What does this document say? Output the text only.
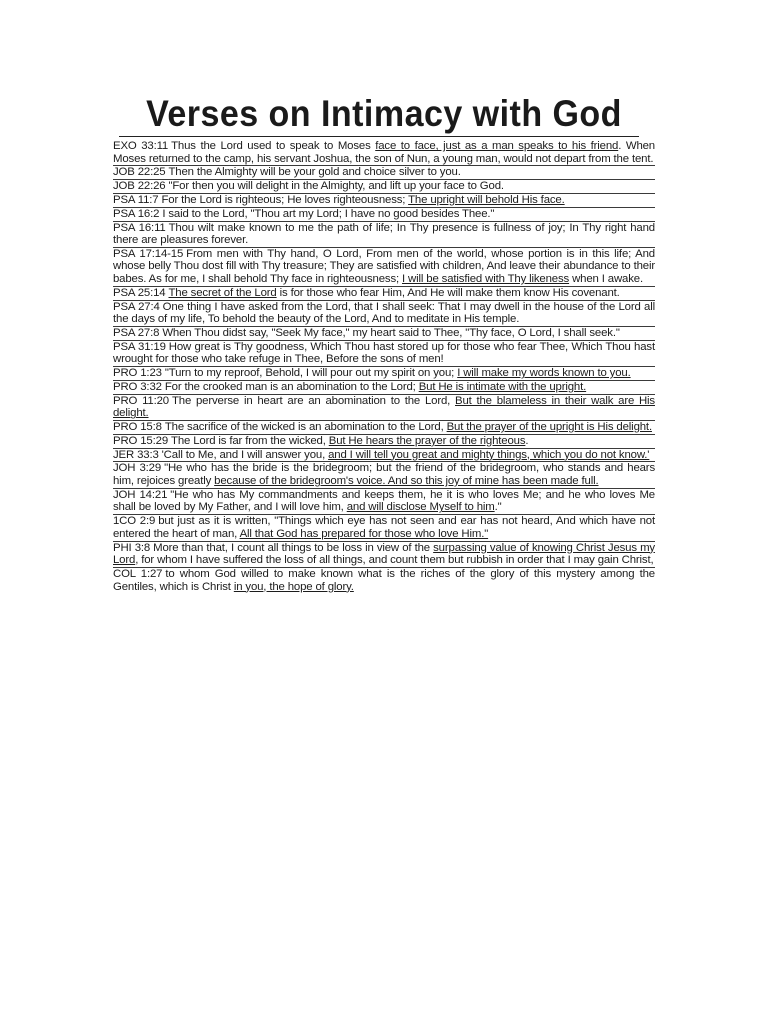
Verses on Intimacy with God

EXO 33:11 Thus the Lord used to speak to Moses face to face, just as a man speaks to his friend. When Moses returned to the camp, his servant Joshua, the son of Nun, a young man, would not depart from the tent.

JOB 22:25 Then the Almighty will be your gold and choice silver to you.

JOB 22:26 "For then you will delight in the Almighty, and lift up your face to God.

PSA 11:7 For the Lord is righteous; He loves righteousness; The upright will behold His face.

PSA 16:2 I said to the Lord, "Thou art my Lord; I have no good besides Thee."

PSA 16:11 Thou wilt make known to me the path of life; In Thy presence is fullness of joy; In Thy right hand there are pleasures forever.

PSA 17:14-15 From men with Thy hand, O Lord, From men of the world, whose portion is in this life; And whose belly Thou dost fill with Thy treasure; They are satisfied with children, And leave their abundance to their babes. As for me, I shall behold Thy face in righteousness; I will be satisfied with Thy likeness when I awake.

PSA 25:14 The secret of the Lord is for those who fear Him, And He will make them know His covenant.

PSA 27:4 One thing I have asked from the Lord, that I shall seek: That I may dwell in the house of the Lord all the days of my life, To behold the beauty of the Lord, And to meditate in His temple.

PSA 27:8 When Thou didst say, "Seek My face," my heart said to Thee, "Thy face, O Lord, I shall seek."

PSA 31:19 How great is Thy goodness, Which Thou hast stored up for those who fear Thee, Which Thou hast wrought for those who take refuge in Thee, Before the sons of men!

PRO 1:23 "Turn to my reproof, Behold, I will pour out my spirit on you; I will make my words known to you.

PRO 3:32 For the crooked man is an abomination to the Lord; But He is intimate with the upright.

PRO 11:20 The perverse in heart are an abomination to the Lord, But the blameless in their walk are His delight.

PRO 15:8 The sacrifice of the wicked is an abomination to the Lord, But the prayer of the upright is His delight.

PRO 15:29 The Lord is far from the wicked, But He hears the prayer of the righteous.

JER 33:3 'Call to Me, and I will answer you, and I will tell you great and mighty things, which you do not know.'

JOH 3:29 "He who has the bride is the bridegroom; but the friend of the bridegroom, who stands and hears him, rejoices greatly because of the bridegroom's voice. And so this joy of mine has been made full.

JOH 14:21 "He who has My commandments and keeps them, he it is who loves Me; and he who loves Me shall be loved by My Father, and I will love him, and will disclose Myself to him."

1CO 2:9 but just as it is written, "Things which eye has not seen and ear has not heard, And which have not entered the heart of man, All that God has prepared for those who love Him."

PHI 3:8 More than that, I count all things to be loss in view of the surpassing value of knowing Christ Jesus my Lord, for whom I have suffered the loss of all things, and count them but rubbish in order that I may gain Christ,

COL 1:27 to whom God willed to make known what is the riches of the glory of this mystery among the Gentiles, which is Christ in you, the hope of glory.
